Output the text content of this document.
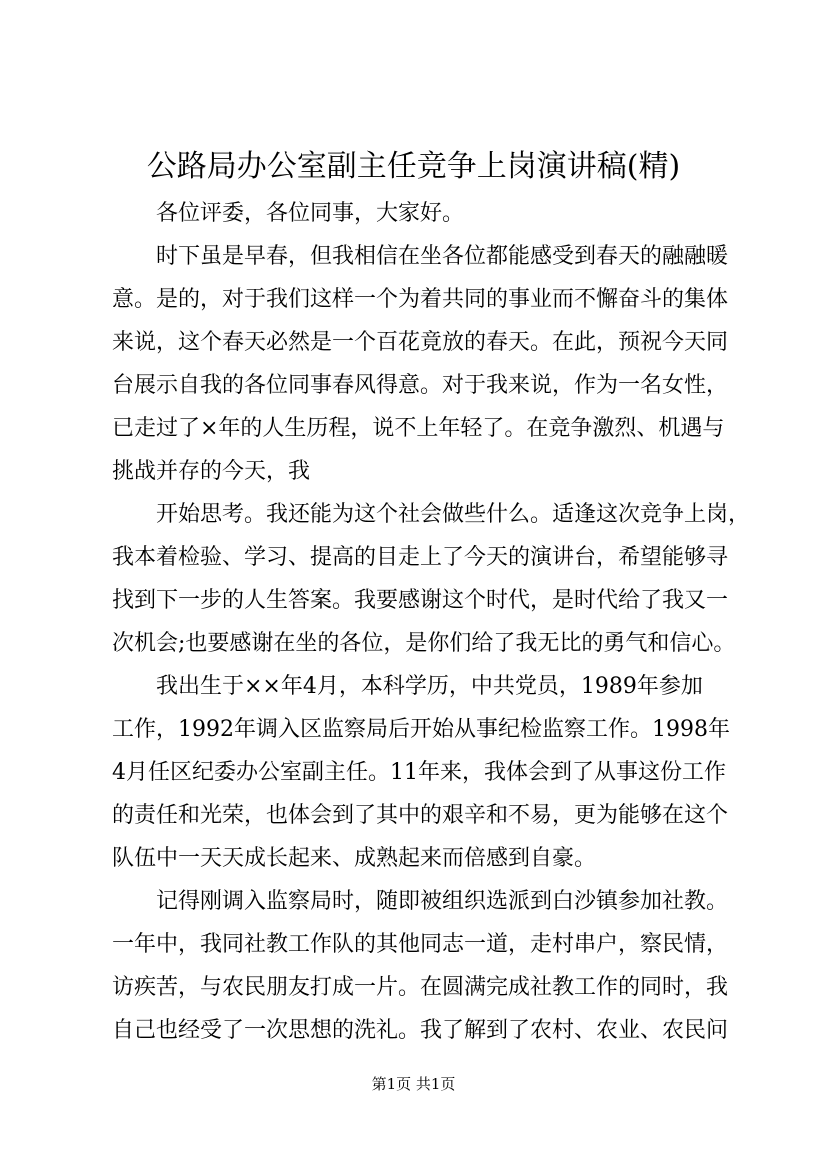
公路局办公室副主任竞争上岗演讲稿(精)
　　各位评委，各位同事，大家好。
　　时下虽是早春，但我相信在坐各位都能感受到春天的融融暖
意。是的，对于我们这样一个为着共同的事业而不懈奋斗的集体
来说，这个春天必然是一个百花竟放的春天。在此，预祝今天同
台展示自我的各位同事春风得意。对于我来说，作为一名女性，
已走过了×年的人生历程，说不上年轻了。在竞争激烈、机遇与
挑战并存的今天，我
　　开始思考。我还能为这个社会做些什么。适逢这次竞争上岗，
我本着检验、学习、提高的目走上了今天的演讲台，希望能够寻
找到下一步的人生答案。我要感谢这个时代，是时代给了我又一
次机会;也要感谢在坐的各位，是你们给了我无比的勇气和信心。
　　我出生于××年4月，本科学历，中共党员，1989年参加
工作，1992年调入区监察局后开始从事纪检监察工作。1998年
4月任区纪委办公室副主任。11年来，我体会到了从事这份工作
的责任和光荣，也体会到了其中的艰辛和不易，更为能够在这个
队伍中一天天成长起来、成熟起来而倍感到自豪。
　　记得刚调入监察局时，随即被组织选派到白沙镇参加社教。
一年中，我同社教工作队的其他同志一道，走村串户，察民情，
访疾苦，与农民朋友打成一片。在圆满完成社教工作的同时，我
自己也经受了一次思想的洗礼。我了解到了农村、农业、农民问
第1页 共1页
